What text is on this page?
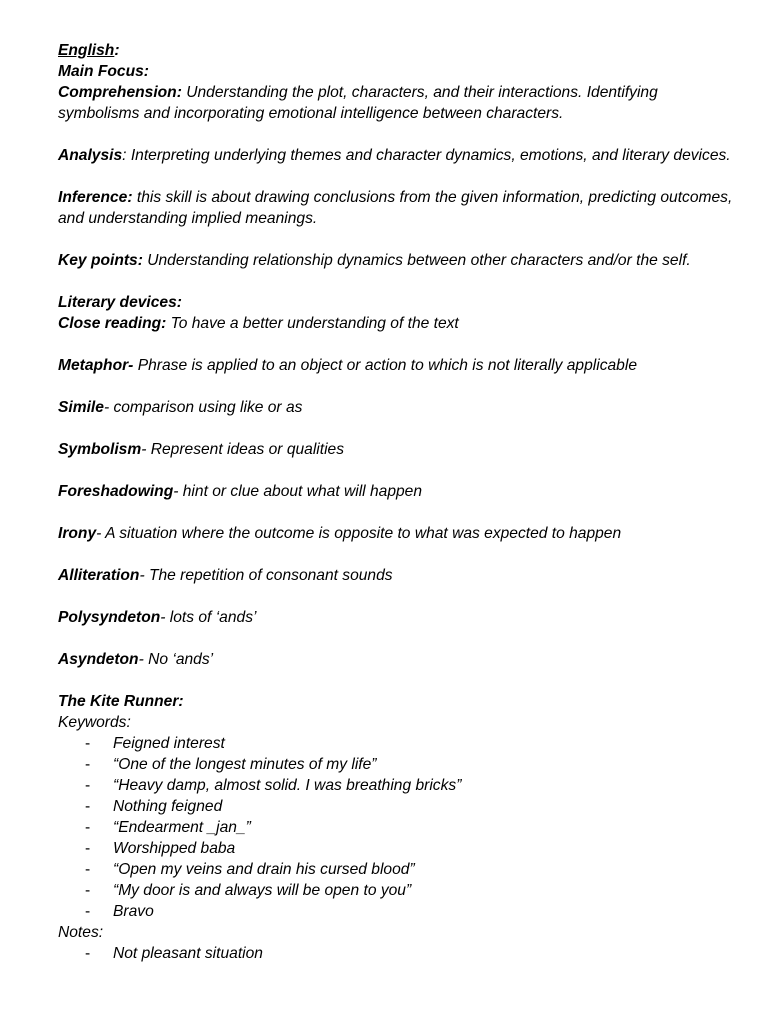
English:

Main Focus:

Comprehension: Understanding the plot, characters, and their interactions. Identifying symbolisms and incorporating emotional intelligence between characters.

Analysis: Interpreting underlying themes and character dynamics, emotions, and literary devices.

Inference: this skill is about drawing conclusions from the given information, predicting outcomes, and understanding implied meanings.

Key points: Understanding relationship dynamics between other characters and/or the self.

Literary devices:

Close reading: To have a better understanding of the text

Metaphor- Phrase is applied to an object or action to which is not literally applicable

Simile- comparison using like or as

Symbolism- Represent ideas or qualities

Foreshadowing- hint or clue about what will happen

Irony- A situation where the outcome is opposite to what was expected to happen

Alliteration- The repetition of consonant sounds

Polysyndeton- lots of ‘ands’

Asyndeton- No ‘ands’

The Kite Runner:

Keywords:

- Feigned interest
- “One of the longest minutes of my life”
- “Heavy damp, almost solid. I was breathing bricks”
- Nothing feigned
- “Endearment _jan_”
- Worshipped baba
- “Open my veins and drain his cursed blood”
- “My door is and always will be open to you”
- Bravo

Notes:

- Not pleasant situation
